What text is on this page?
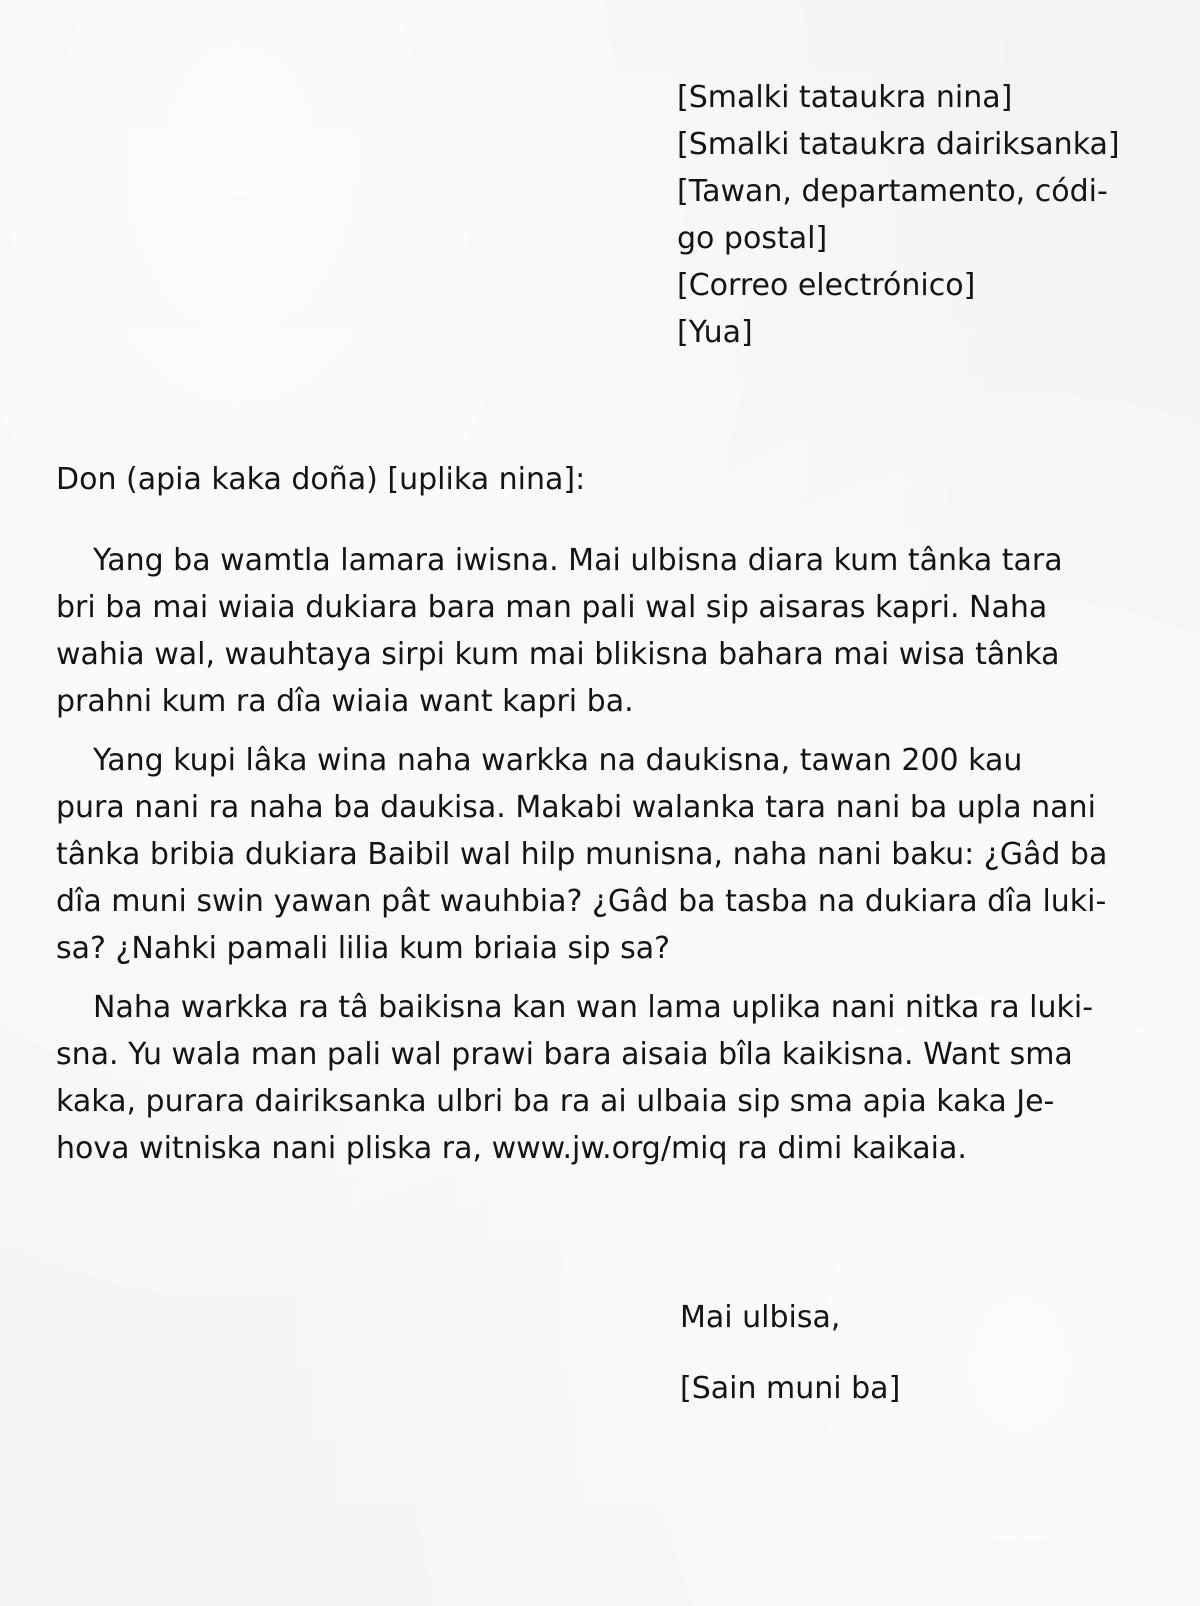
[Smalki tataukra nina]
[Smalki tataukra dairiksanka]
[Tawan, departamento, códi-
go postal]
[Correo electrónico]
[Yua]
Don (apia kaka doña) [uplika nina]:
Yang ba wamtla lamara iwisna. Mai ulbisna diara kum tânka tara
bri ba mai wiaia dukiara bara man pali wal sip aisaras kapri. Naha
wahia wal, wauhtaya sirpi kum mai blikisna bahara mai wisa tânka
prahni kum ra dîa wiaia want kapri ba.
Yang kupi lâka wina naha warkka na daukisna, tawan 200 kau
pura nani ra naha ba daukisa. Makabi walanka tara nani ba upla nani
tânka bribia dukiara Baibil wal hilp munisna, naha nani baku: ¿Gâd ba
dîa muni swin yawan pât wauhbia? ¿Gâd ba tasba na dukiara dîa luki-
sa? ¿Nahki pamali lilia kum briaia sip sa?
Naha warkka ra tâ baikisna kan wan lama uplika nani nitka ra luki-
sna. Yu wala man pali wal prawi bara aisaia bîla kaikisna. Want sma
kaka, purara dairiksanka ulbri ba ra ai ulbaia sip sma apia kaka Je-
hova witniska nani pliska ra, www.jw.org/miq ra dimi kaikaia.
Mai ulbisa,
[Sain muni ba]
